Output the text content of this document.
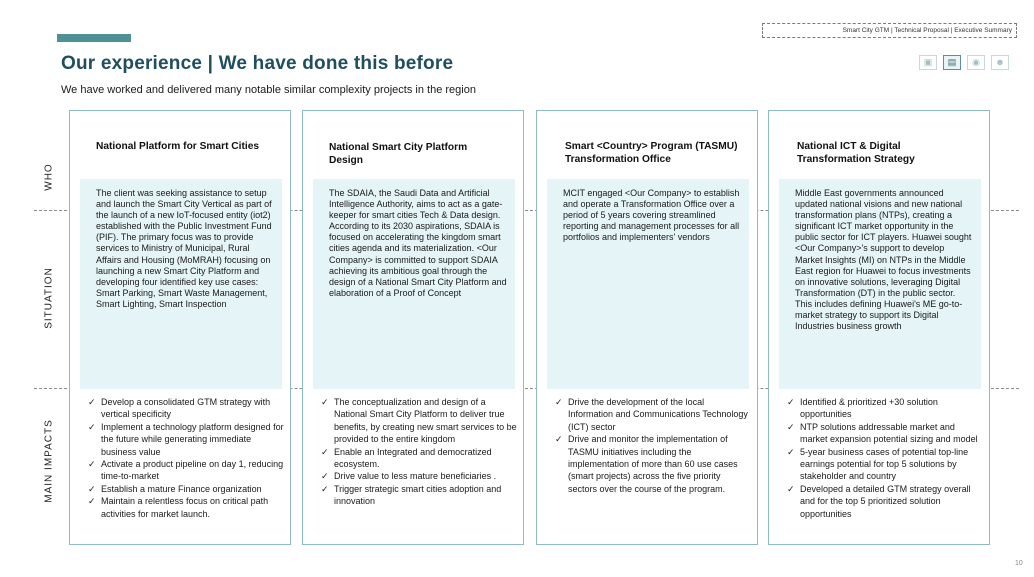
Smart City GTM | Technical Proposal | Executive Summary
Our experience | We have done this before
We have worked and delivered many notable similar complexity projects in the region
▣	▤	◉	☻
WHO
SITUATION
MAIN IMPACTS
National Platform for Smart Cities
The client was seeking assistance to setup and launch the Smart City Vertical as part of the launch of a new IoT-focused entity (iot2) established with the Public Investment Fund (PIF). The primary focus was to provide services to Ministry of Municipal, Rural Affairs and Housing (MoMRAH) focusing on launching a new Smart City Platform and developing four identified key use cases: Smart Parking, Smart Waste Management, Smart Lighting, Smart Inspection
✓ Develop a consolidated GTM strategy with vertical specificity
✓ Implement a technology platform designed for the future while generating immediate business value
✓ Activate a product pipeline on day 1, reducing time-to-market
✓ Establish a mature Finance organization
✓ Maintain a relentless focus on critical path activities for market launch.
National Smart City Platform Design
The SDAIA, the Saudi Data and Artificial Intelligence Authority, aims to act as a gate-keeper for smart cities Tech & Data design. According to its 2030 aspirations, SDAIA is focused on accelerating the kingdom smart cities agenda and its materialization. <Our Company> is committed to support SDAIA achieving its ambitious goal through the design of a National Smart City Platform and elaboration of a Proof of Concept
✓ The conceptualization and design of a National Smart City Platform to deliver true benefits, by creating new smart services to be provided to the entire kingdom
✓ Enable an Integrated and democratized ecosystem.
✓ Drive value to less mature beneficiaries .
✓ Trigger strategic smart cities adoption and innovation
Smart <Country> Program (TASMU) Transformation Office
MCIT engaged <Our Company> to establish and operate a Transformation Office over a period of 5 years covering streamlined reporting and management processes for all portfolios and implementers' vendors
✓ Drive the development of the local Information and Communications Technology (ICT) sector
✓ Drive and monitor the implementation of TASMU initiatives including the implementation of more than 60 use cases (smart projects) across the five priority sectors over the course of the program.
National ICT & Digital Transformation Strategy
Middle East governments announced updated national visions and new national transformation plans (NTPs), creating a significant ICT market opportunity in the public sector for ICT players. Huawei sought <Our Company>'s support to develop Market Insights (MI) on NTPs in the Middle East region for Huawei to focus investments on innovative solutions, leveraging Digital Transformation (DT) in the public sector. This includes defining Huawei's ME go-to-market strategy to support its Digital Industries business growth
✓ Identified & prioritized +30 solution opportunities
✓ NTP solutions addressable market and market expansion potential sizing and model
✓ 5-year business cases of potential top-line earnings potential for top 5 solutions by stakeholder and country
✓ Developed a detailed GTM strategy overall and for the top 5 prioritized solution opportunities
10
